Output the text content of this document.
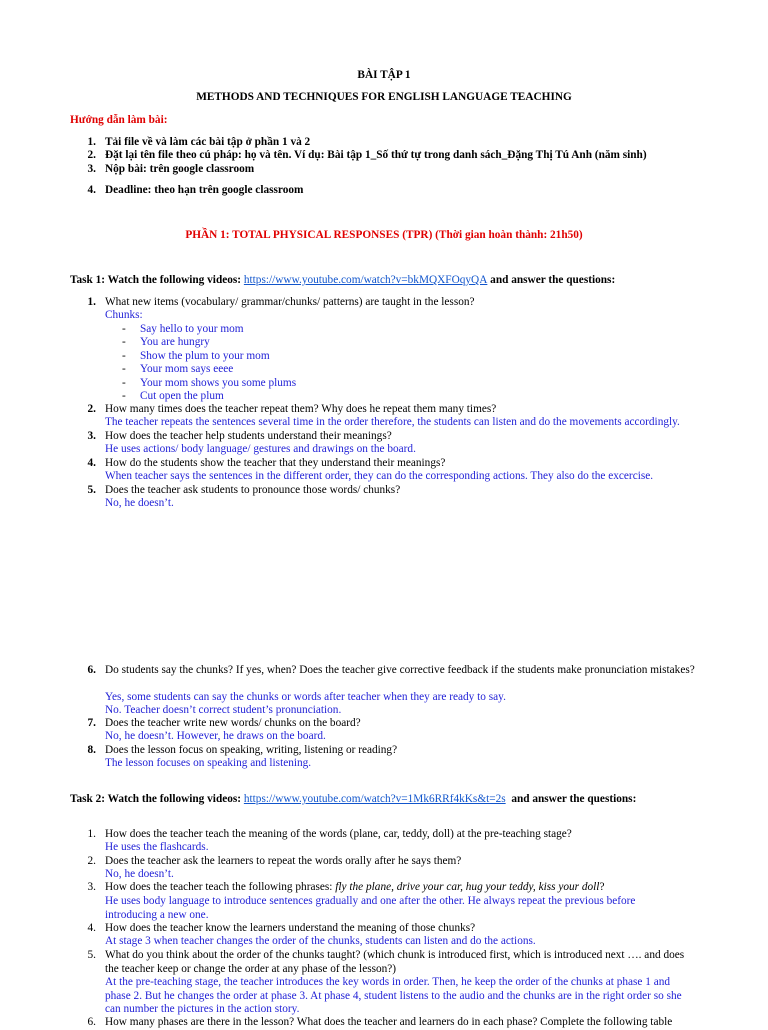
BÀI TẬP 1
METHODS AND TECHNIQUES FOR ENGLISH LANGUAGE TEACHING
Hướng dẫn làm bài:
1. Tải file về và làm các bài tập ở phần 1 và 2
2. Đặt lại tên file theo cú pháp: họ và tên. Ví dụ: Bài tập 1_Số thứ tự trong danh sách_Đặng Thị Tú Anh (năm sinh)
3. Nộp bài: trên google classroom
4. Deadline: theo hạn trên google classroom
PHẦN 1: TOTAL PHYSICAL RESPONSES (TPR) (Thời gian hoàn thành: 21h50)
Task 1: Watch the following videos: https://www.youtube.com/watch?v=bkMQXFOqyQA and answer the questions:
1. What new items (vocabulary/ grammar/chunks/ patterns) are taught in the lesson?
Chunks:
-	Say hello to your mom
-	You are hungry
-	Show the plum to your mom
-	Your mom says eeee
-	Your mom shows you some plums
-	Cut open the plum
2. How many times does the teacher repeat them? Why does he repeat them many times?
The teacher repeats the sentences several time in the order therefore, the students can listen and do the movements accordingly.
3. How does the teacher help students understand their meanings?
He uses actions/ body language/ gestures and drawings on the board.
4. How do the students show the teacher that they understand their meanings?
When teacher says the sentences in the different order, they can do the corresponding actions. They also do the excercise.
5. Does the teacher ask students to pronounce those words/ chunks?
No, he doesn’t.
6. Do students say the chunks? If yes, when? Does the teacher give corrective feedback if the students make pronunciation mistakes?
Yes, some students can say the chunks or words after teacher when they are ready to say.
No. Teacher doesn’t correct student’s pronunciation.
7. Does the teacher write new words/ chunks on the board?
No, he doesn’t. However, he draws on the board.
8. Does the lesson focus on speaking, writing, listening or reading?
The lesson focuses on speaking and listening.
Task 2: Watch the following videos: https://www.youtube.com/watch?v=1Mk6RRf4kKs&t=2s and answer the questions:
1. How does the teacher teach the meaning of the words (plane, car, teddy, doll) at the pre-teaching stage?
He uses the flashcards.
2. Does the teacher ask the learners to repeat the words orally after he says them?
No, he doesn’t.
3. How does the teacher teach the following phrases: fly the plane, drive your car, hug your teddy, kiss your doll?
He uses body language to introduce sentences gradually and one after the other. He always repeat the previous before introducing a new one.
4. How does the teacher know the learners understand the meaning of those chunks?
At stage 3 when teacher changes the order of the chunks, students can listen and do the actions.
5. What do you think about the order of the chunks taught? (which chunk is introduced first, which is introduced next …. and does the teacher keep or change the order at any phase of the lesson?)
At the pre-teaching stage, the teacher introduces the key words in order. Then, he keep the order of the chunks at phase 1 and phase 2. But he changes the order at phase 3. At phase 4, student listens to the audio and the chunks are in the right order so she can number the pictures in the action story.
6. How many phases are there in the lesson? What does the teacher and learners do in each phase? Complete the following table
